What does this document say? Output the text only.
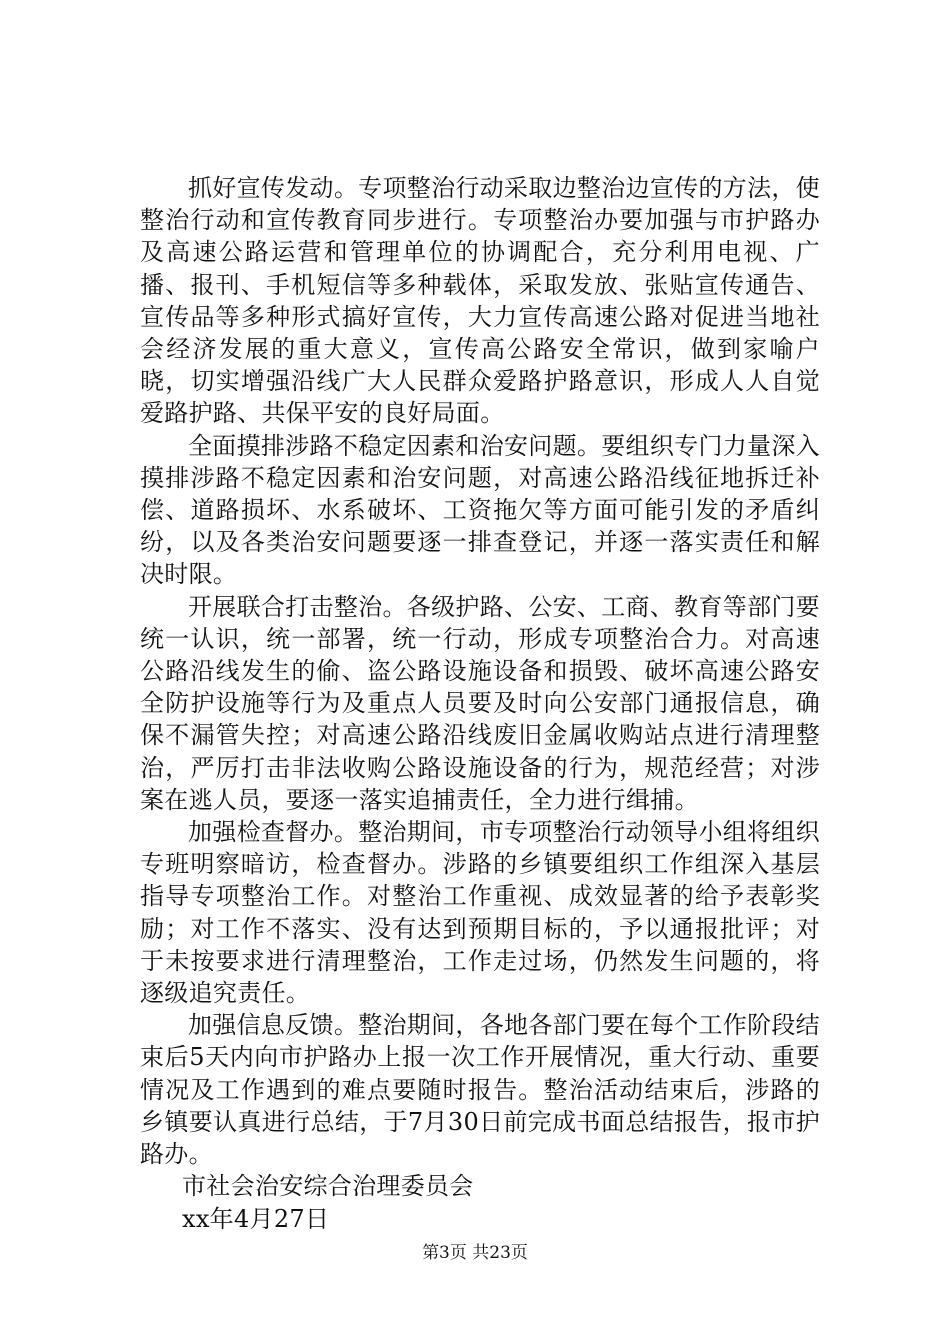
抓好宣传发动。专项整治行动采取边整治边宣传的方法，使整治行动和宣传教育同步进行。专项整治办要加强与市护路办及高速公路运营和管理单位的协调配合，充分利用电视、广播、报刊、手机短信等多种载体，采取发放、张贴宣传通告、宣传品等多种形式搞好宣传，大力宣传高速公路对促进当地社会经济发展的重大意义，宣传高公路安全常识，做到家喻户晓，切实增强沿线广大人民群众爱路护路意识，形成人人自觉爱路护路、共保平安的良好局面。

全面摸排涉路不稳定因素和治安问题。要组织专门力量深入摸排涉路不稳定因素和治安问题，对高速公路沿线征地拆迁补偿、道路损坏、水系破坏、工资拖欠等方面可能引发的矛盾纠纷，以及各类治安问题要逐一排查登记，并逐一落实责任和解决时限。

开展联合打击整治。各级护路、公安、工商、教育等部门要统一认识，统一部署，统一行动，形成专项整治合力。对高速公路沿线发生的偷、盗公路设施设备和损毁、破坏高速公路安全防护设施等行为及重点人员要及时向公安部门通报信息，确保不漏管失控；对高速公路沿线废旧金属收购站点进行清理整治，严厉打击非法收购公路设施设备的行为，规范经营；对涉案在逃人员，要逐一落实追捕责任，全力进行缉捕。

加强检查督办。整治期间，市专项整治行动领导小组将组织专班明察暗访，检查督办。涉路的乡镇要组织工作组深入基层指导专项整治工作。对整治工作重视、成效显著的给予表彰奖励；对工作不落实、没有达到预期目标的，予以通报批评；对于未按要求进行清理整治，工作走过场，仍然发生问题的，将逐级追究责任。

加强信息反馈。整治期间，各地各部门要在每个工作阶段结束后5天内向市护路办上报一次工作开展情况，重大行动、重要情况及工作遇到的难点要随时报告。整治活动结束后，涉路的乡镇要认真进行总结，于7月30日前完成书面总结报告，报市护路办。

市社会治安综合治理委员会

xx年4月27日

第3页 共23页
